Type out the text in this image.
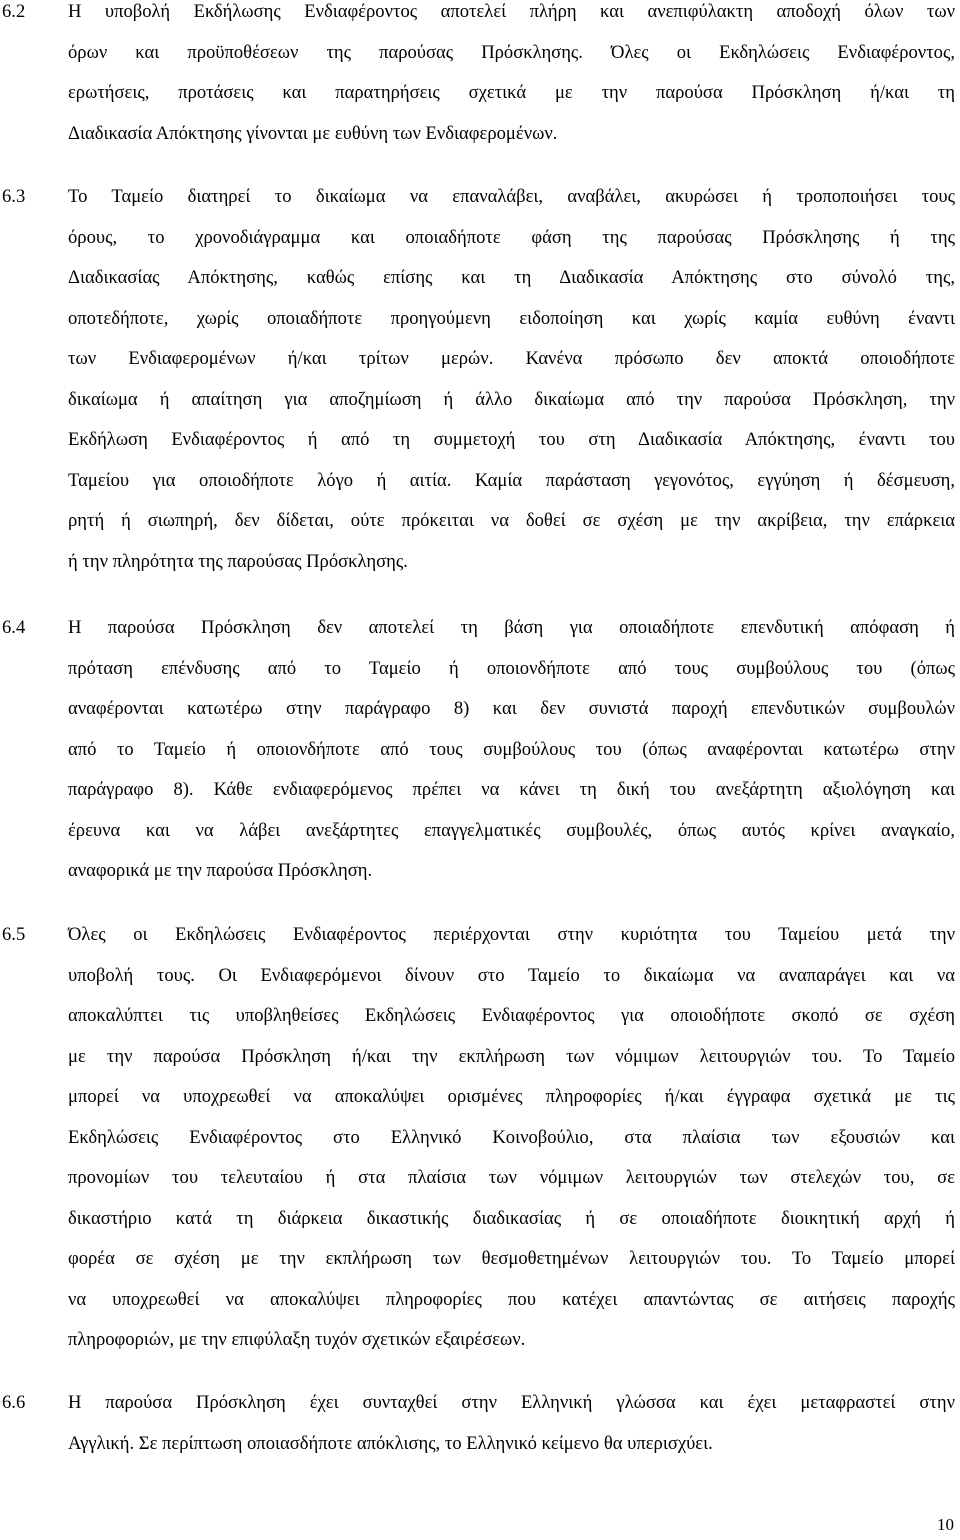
6.2 Η υποβολή Εκδήλωσης Ενδιαφέροντος αποτελεί πλήρη και ανεπιφύλακτη αποδοχή όλων των
όρων και προϋποθέσεων της παρούσας Πρόσκλησης. Όλες οι Εκδηλώσεις Ενδιαφέροντος,
ερωτήσεις, προτάσεις και παρατηρήσεις σχετικά με την παρούσα Πρόσκληση ή/και τη
Διαδικασία Απόκτησης γίνονται με ευθύνη των Ενδιαφερομένων.
6.3 Το Ταμείο διατηρεί το δικαίωμα να επαναλάβει, αναβάλει, ακυρώσει ή τροποποιήσει τους
όρους, το χρονοδιάγραμμα και οποιαδήποτε φάση της παρούσας Πρόσκλησης ή της
Διαδικασίας Απόκτησης, καθώς επίσης και τη Διαδικασία Απόκτησης στο σύνολό της,
οποτεδήποτε, χωρίς οποιαδήποτε προηγούμενη ειδοποίηση και χωρίς καμία ευθύνη έναντι
των Ενδιαφερομένων ή/και τρίτων μερών. Κανένα πρόσωπο δεν αποκτά οποιοδήποτε
δικαίωμα ή απαίτηση για αποζημίωση ή άλλο δικαίωμα από την παρούσα Πρόσκληση, την
Εκδήλωση Ενδιαφέροντος ή από τη συμμετοχή του στη Διαδικασία Απόκτησης, έναντι του
Ταμείου για οποιοδήποτε λόγο ή αιτία. Καμία παράσταση γεγονότος, εγγύηση ή δέσμευση,
ρητή ή σιωπηρή, δεν δίδεται, ούτε πρόκειται να δοθεί σε σχέση με την ακρίβεια, την επάρκεια
ή την πληρότητα της παρούσας Πρόσκλησης.
6.4 Η παρούσα Πρόσκληση δεν αποτελεί τη βάση για οποιαδήποτε επενδυτική απόφαση ή
πρόταση επένδυσης από το Ταμείο ή οποιονδήποτε από τους συμβούλους του (όπως
αναφέρονται κατωτέρω στην παράγραφο 8) και δεν συνιστά παροχή επενδυτικών συμβουλών
από το Ταμείο ή οποιονδήποτε από τους συμβούλους του (όπως αναφέρονται κατωτέρω στην
παράγραφο 8). Κάθε ενδιαφερόμενος πρέπει να κάνει τη δική του ανεξάρτητη αξιολόγηση και
έρευνα και να λάβει ανεξάρτητες επαγγελματικές συμβουλές, όπως αυτός κρίνει αναγκαίο,
αναφορικά με την παρούσα Πρόσκληση.
6.5 Όλες οι Εκδηλώσεις Ενδιαφέροντος περιέρχονται στην κυριότητα του Ταμείου μετά την
υποβολή τους. Οι Ενδιαφερόμενοι δίνουν στο Ταμείο το δικαίωμα να αναπαράγει και να
αποκαλύπτει τις υποβληθείσες Εκδηλώσεις Ενδιαφέροντος για οποιοδήποτε σκοπό σε σχέση
με την παρούσα Πρόσκληση ή/και την εκπλήρωση των νόμιμων λειτουργιών του. Το Ταμείο
μπορεί να υποχρεωθεί να αποκαλύψει ορισμένες πληροφορίες ή/και έγγραφα σχετικά με τις
Εκδηλώσεις Ενδιαφέροντος στο Ελληνικό Κοινοβούλιο, στα πλαίσια των εξουσιών και
προνομίων του τελευταίου ή στα πλαίσια των νόμιμων λειτουργιών των στελεχών του, σε
δικαστήριο κατά τη διάρκεια δικαστικής διαδικασίας ή σε οποιαδήποτε διοικητική αρχή ή
φορέα σε σχέση με την εκπλήρωση των θεσμοθετημένων λειτουργιών του. Το Ταμείο μπορεί
να υποχρεωθεί να αποκαλύψει πληροφορίες που κατέχει απαντώντας σε αιτήσεις παροχής
πληροφοριών, με την επιφύλαξη τυχόν σχετικών εξαιρέσεων.
6.6 Η παρούσα Πρόσκληση έχει συνταχθεί στην Ελληνική γλώσσα και έχει μεταφραστεί στην
Αγγλική. Σε περίπτωση οποιασδήποτε απόκλισης, το Ελληνικό κείμενο θα υπερισχύει.
10
